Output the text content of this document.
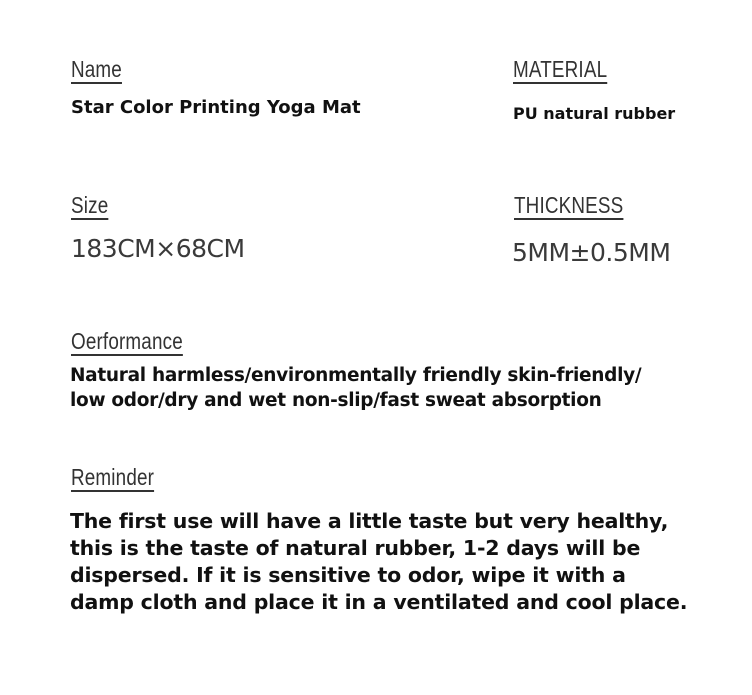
Name
Star Color Printing Yoga Mat
MATERIAL
PU natural rubber
Size
183CM×68CM
THICKNESS
5MM±0.5MM
Oerformance
Natural harmless/environmentally friendly skin-friendly/
low odor/dry and wet non-slip/fast sweat absorption
Reminder
The first use will have a little taste but very healthy,
this is the taste of natural rubber, 1-2 days will be
dispersed. If it is sensitive to odor, wipe it with a
damp cloth and place it in a ventilated and cool place.
